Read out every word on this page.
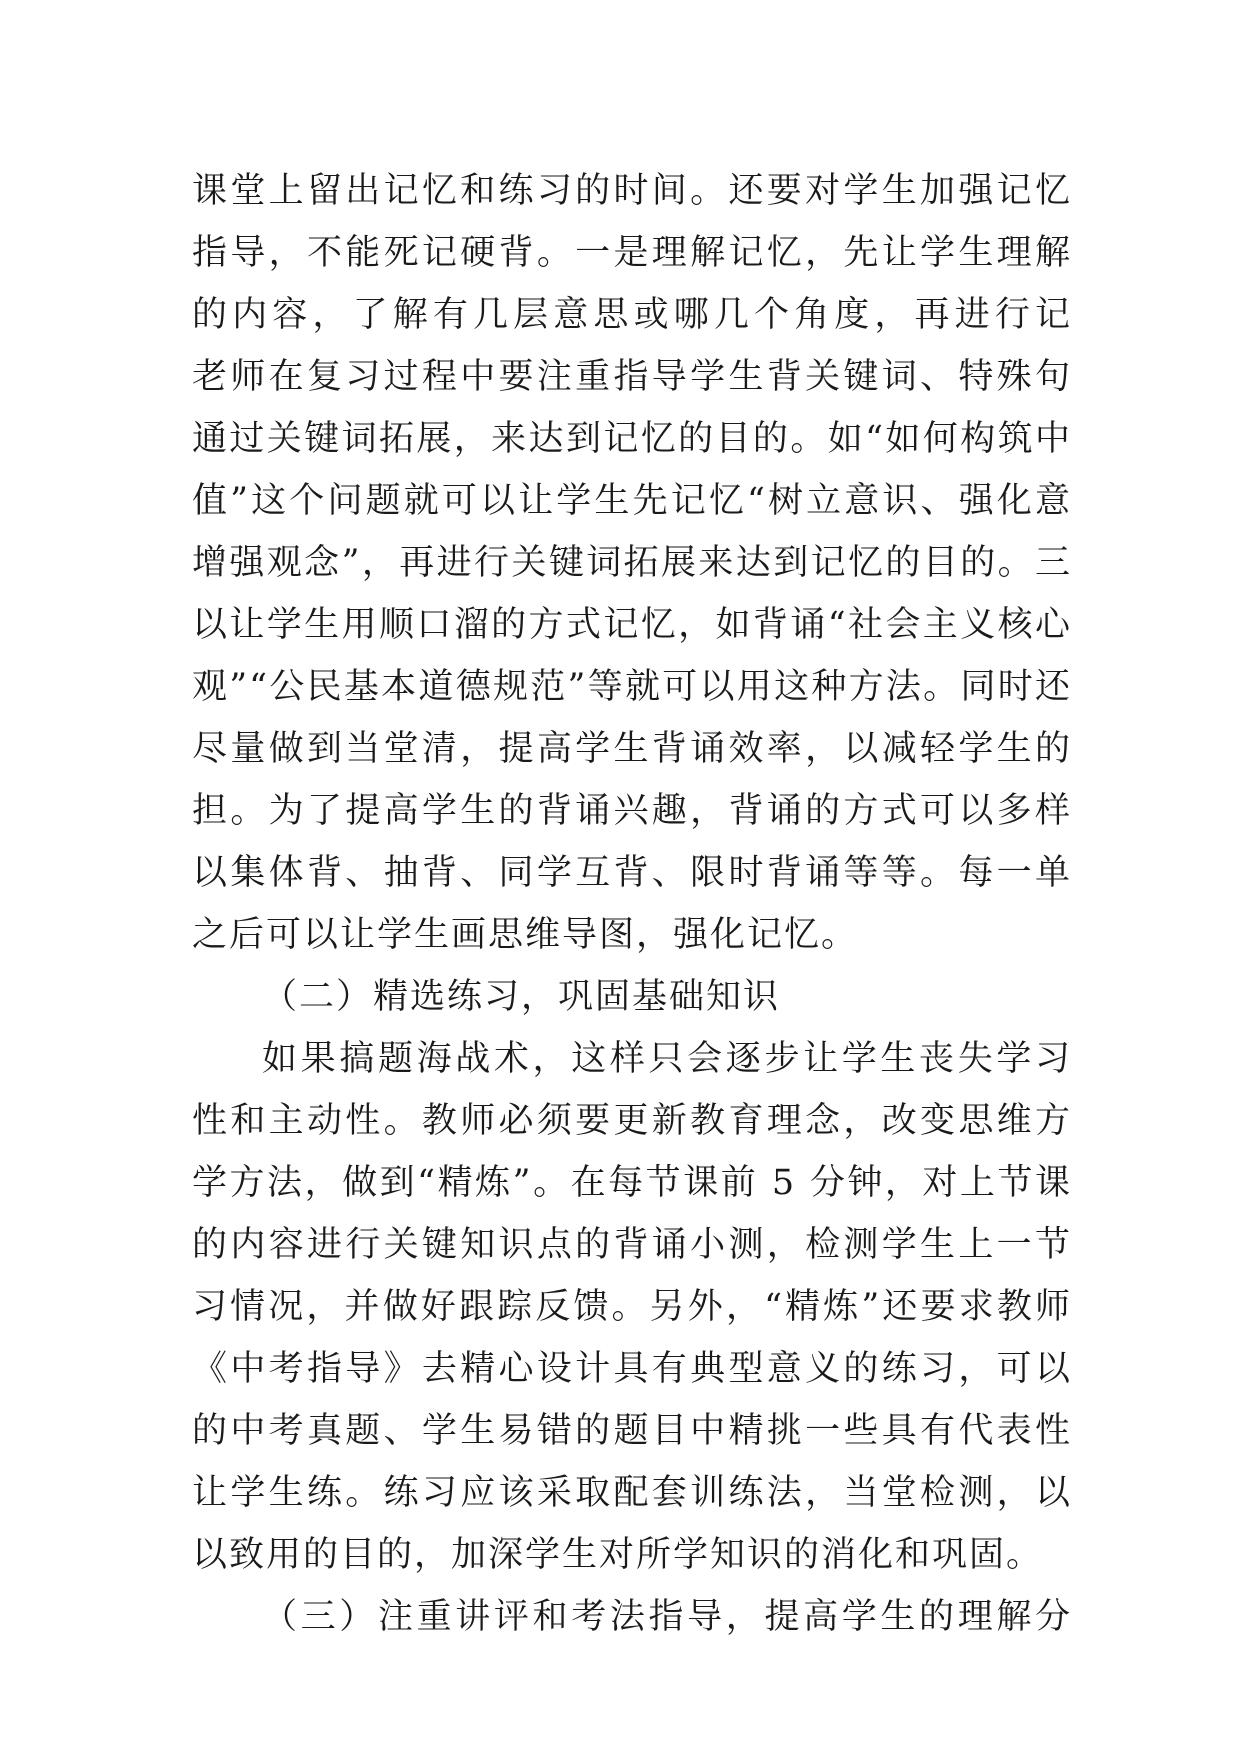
课堂上留出记忆和练习的时间。还要对学生加强记忆
指导，不能死记硬背。一是理解记忆，先让学生理解
的内容，了解有几层意思或哪几个角度，再进行记
老师在复习过程中要注重指导学生背关键词、特殊句
通过关键词拓展，来达到记忆的目的。如“如何构筑中
值”这个问题就可以让学生先记忆“树立意识、强化意
增强观念”，再进行关键词拓展来达到记忆的目的。三
以让学生用顺口溜的方式记忆，如背诵“社会主义核心
观”“公民基本道德规范”等就可以用这种方法。同时还
尽量做到当堂清，提高学生背诵效率，以减轻学生的
担。为了提高学生的背诵兴趣，背诵的方式可以多样
以集体背、抽背、同学互背、限时背诵等等。每一单
之后可以让学生画思维导图，强化记忆。
（二）精选练习，巩固基础知识
如果搞题海战术，这样只会逐步让学生丧失学习
性和主动性。教师必须要更新教育理念，改变思维方
学方法，做到“精炼”。在每节课前 5 分钟，对上节课
的内容进行关键知识点的背诵小测，检测学生上一节
习情况，并做好跟踪反馈。另外，“精炼”还要求教师
《中考指导》去精心设计具有典型意义的练习，可以
的中考真题、学生易错的题目中精挑一些具有代表性
让学生练。练习应该采取配套训练法，当堂检测，以
以致用的目的，加深学生对所学知识的消化和巩固。
（三）注重讲评和考法指导，提高学生的理解分
